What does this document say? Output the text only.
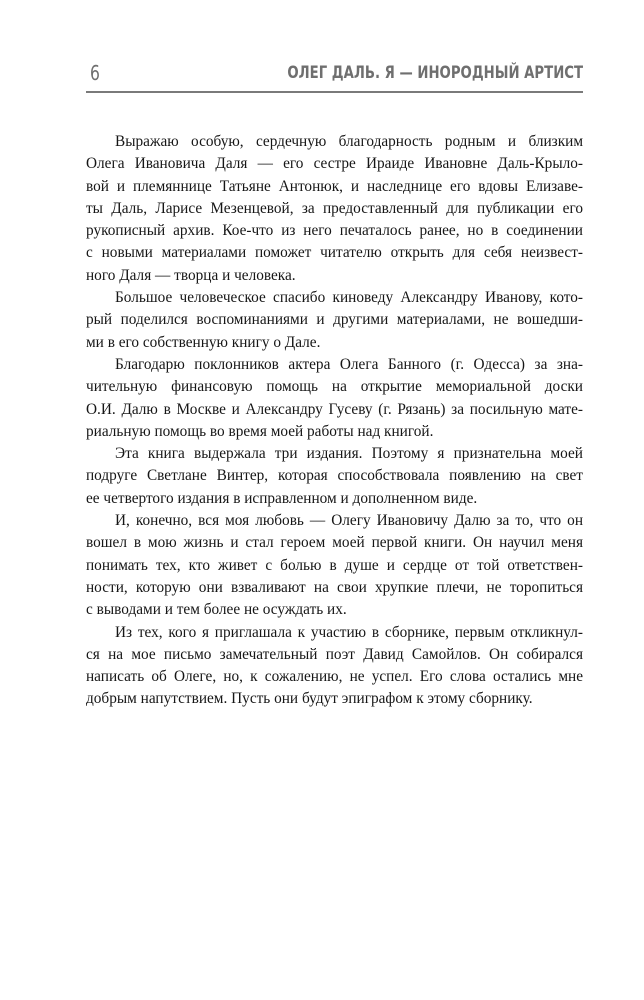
6	ОЛЕГ ДАЛЬ. Я — ИНОРОДНЫЙ АРТИСТ

Выражаю особую, сердечную благодарность родным и близким
Олега Ивановича Даля — его сестре Ираиде Ивановне Даль-Крыло-
вой и племяннице Татьяне Антонюк, и наследнице его вдовы Елизаве-
ты Даль, Ларисе Мезенцевой, за предоставленный для публикации его
рукописный архив. Кое-что из него печаталось ранее, но в соединении
с новыми материалами поможет читателю открыть для себя неизвест-
ного Даля — творца и человека.

Большое человеческое спасибо киноведу Александру Иванову, кото-
рый поделился воспоминаниями и другими материалами, не вошедши-
ми в его собственную книгу о Дале.

Благодарю поклонников актера Олега Банного (г. Одесса) за зна-
чительную финансовую помощь на открытие мемориальной доски
О.И. Далю в Москве и Александру Гусеву (г. Рязань) за посильную мате-
риальную помощь во время моей работы над книгой.

Эта книга выдержала три издания. Поэтому я признательна моей
подруге Светлане Винтер, которая способствовала появлению на свет
ее четвертого издания в исправленном и дополненном виде.

И, конечно, вся моя любовь — Олегу Ивановичу Далю за то, что он
вошел в мою жизнь и стал героем моей первой книги. Он научил меня
понимать тех, кто живет с болью в душе и сердце от той ответствен-
ности, которую они взваливают на свои хрупкие плечи, не торопиться
с выводами и тем более не осуждать их.

Из тех, кого я приглашала к участию в сборнике, первым откликнул-
ся на мое письмо замечательный поэт Давид Самойлов. Он собирался
написать об Олеге, но, к сожалению, не успел. Его слова остались мне
добрым напутствием. Пусть они будут эпиграфом к этому сборнику.
